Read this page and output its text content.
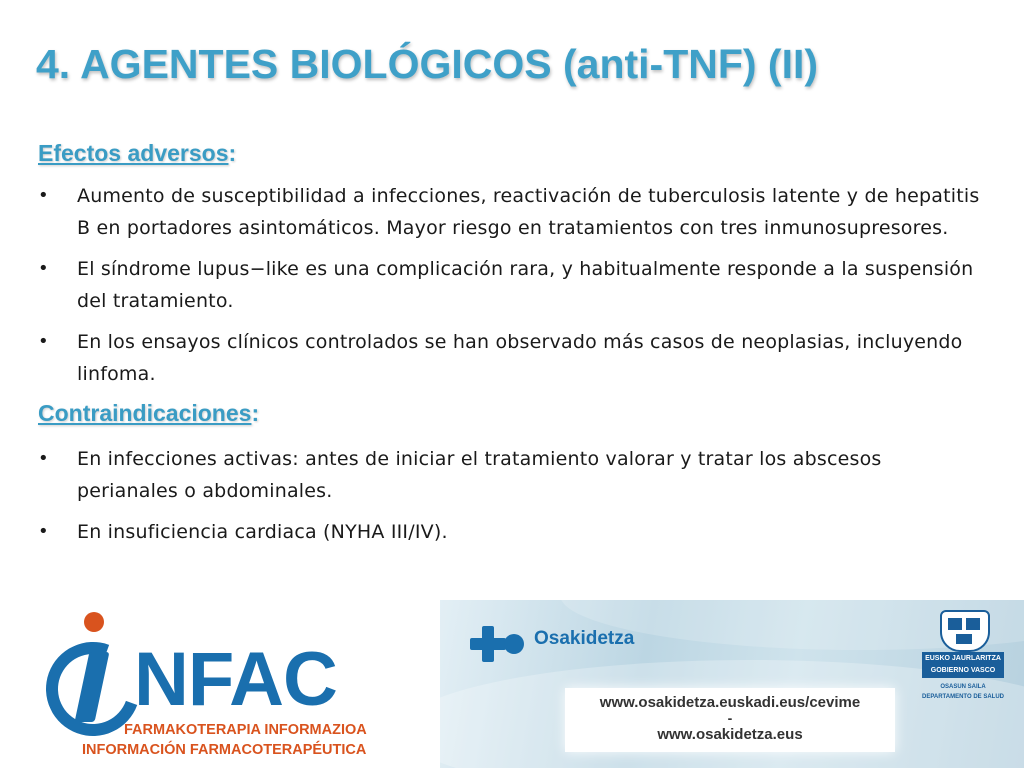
4. AGENTES BIOLÓGICOS (anti-TNF) (II)
Efectos adversos:
• Aumento de susceptibilidad a infecciones, reactivación de tuberculosis latente y de hepatitis B en portadores asintomáticos. Mayor riesgo en tratamientos con tres inmunosupresores.
• El síndrome lupus−like es una complicación rara, y habitualmente responde a la suspensión del tratamiento.
• En los ensayos clínicos controlados se han observado más casos de neoplasias, incluyendo linfoma.
Contraindicaciones:
• En infecciones activas: antes de iniciar el tratamiento valorar y tratar los abscesos perianales o abdominales.
• En insuficiencia cardiaca (NYHA III/IV).
NFAC
FARMAKOTERAPIA INFORMAZIOA
INFORMACIÓN FARMACOTERAPÉUTICA
Osakidetza
www.osakidetza.euskadi.eus/cevime
-
www.osakidetza.eus
EUSKO JAURLARITZA
GOBIERNO VASCO
OSASUN SAILA
DEPARTAMENTO DE SALUD
